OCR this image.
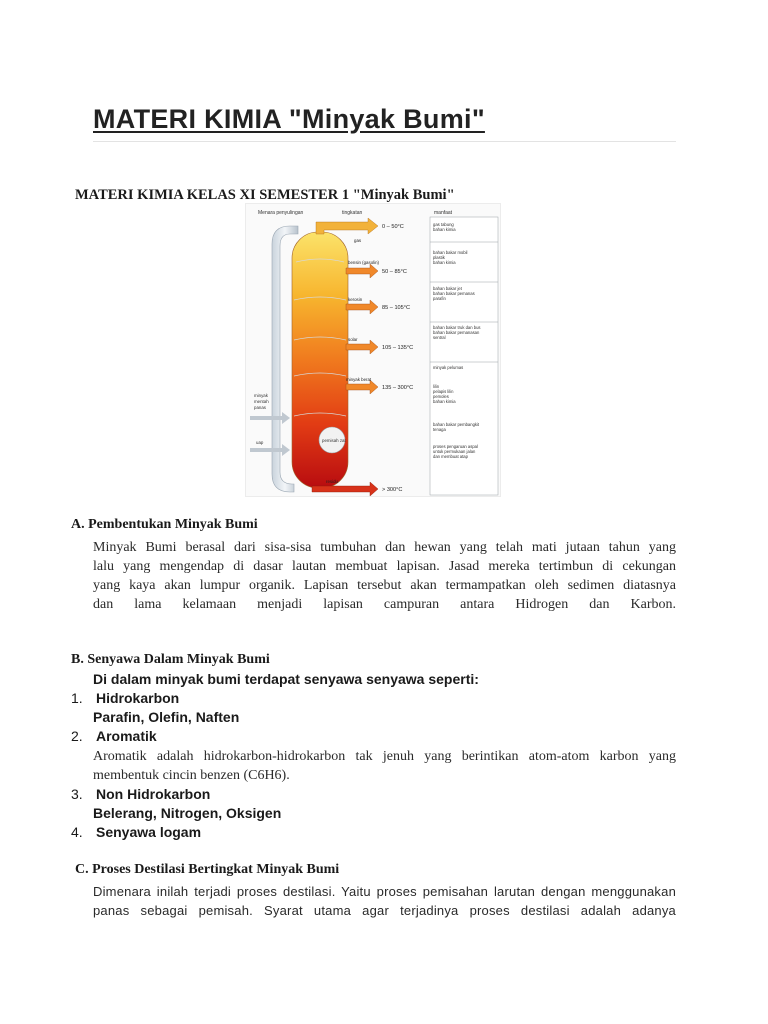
MATERI KIMIA "Minyak Bumi"
MATERI KIMIA KELAS XI SEMESTER 1 "Minyak Bumi"
Menara penyulingan	tingkatan	manfaat
pemisah zat
minyak
mentah
panas
uap
gas
bensin (gasolin)
kerosin
solar
minyak berat
residu
0 – 50°C
50 – 85°C
85 – 105°C
105 – 135°C
135 – 300°C
> 300°C
gas tabung
bahan kimia
bahan bakar mobil
plastik
bahan kimia
bahan bakar jet
bahan bakar pemanas
parafin
bahan bakar truk dan bus
bahan bakar pemanasan
sentral
minyak pelumas
lilin
pelapis lilin
pemoles
bahan kimia
bahan bakar pembangkit
tenaga
proses pengaruan aspal
untuk permukaan jalan
dan membuat atap
A. Pembentukan Minyak Bumi
Minyak Bumi berasal dari sisa-sisa tumbuhan dan hewan yang telah mati jutaan tahun yang
lalu yang mengendap di dasar lautan membuat lapisan. Jasad mereka tertimbun di cekungan
yang kaya akan lumpur organik. Lapisan tersebut akan termampatkan oleh sedimen diatasnya
dan lama kelamaan menjadi lapisan campuran antara Hidrogen dan Karbon.
B. Senyawa Dalam Minyak Bumi
Di dalam minyak bumi terdapat senyawa senyawa seperti:
1. Hidrokarbon
Parafin, Olefin, Naften
2. Aromatik
Aromatik adalah hidrokarbon-hidrokarbon tak jenuh yang berintikan atom-atom karbon yang
membentuk cincin benzen (C6H6).
3. Non Hidrokarbon
Belerang, Nitrogen, Oksigen
4. Senyawa logam
C. Proses Destilasi Bertingkat Minyak Bumi
Dimenara inilah terjadi proses destilasi. Yaitu proses pemisahan larutan dengan menggunakan
panas sebagai pemisah. Syarat utama agar terjadinya proses destilasi adalah adanya
